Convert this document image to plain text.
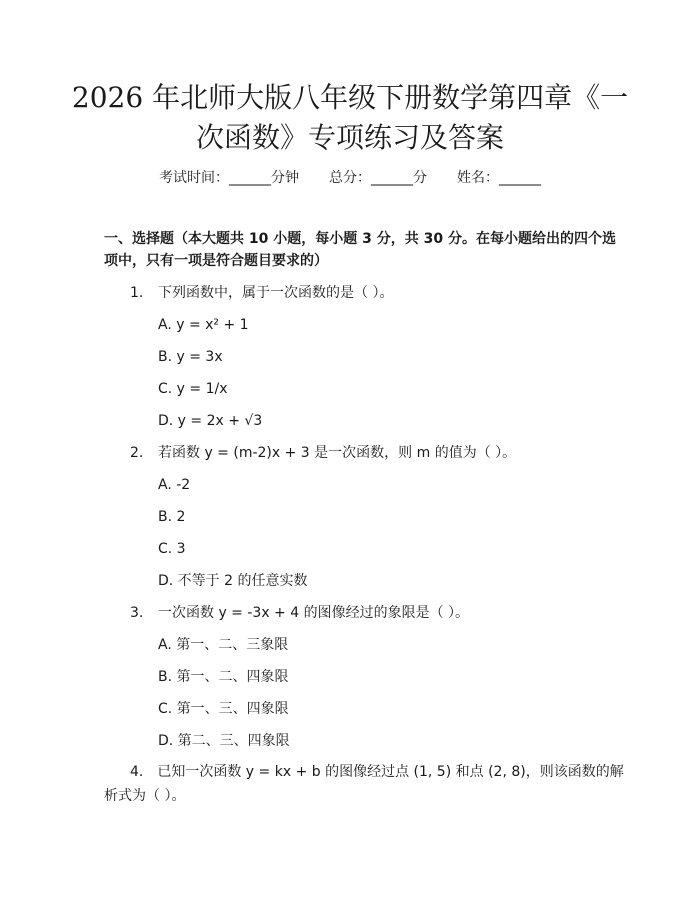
2026 年北师大版八年级下册数学第四章《一
次函数》专项练习及答案
考试时间：______分钟 总分：______分 姓名：______
一、选择题（本大题共 10 小题，每小题 3 分，共 30 分。在每小题给出的四个选项中，只有一项是符合题目要求的）
1. 下列函数中，属于一次函数的是（ ）。
A. y = x² + 1
B. y = 3x
C. y = 1/x
D. y = 2x + √3
2. 若函数 y = (m-2)x + 3 是一次函数，则 m 的值为（ ）。
A. -2
B. 2
C. 3
D. 不等于 2 的任意实数
3. 一次函数 y = -3x + 4 的图像经过的象限是（ ）。
A. 第一、二、三象限
B. 第一、二、四象限
C. 第一、三、四象限
D. 第二、三、四象限
4. 已知一次函数 y = kx + b 的图像经过点 (1, 5) 和点 (2, 8)，则该函数的解析式为（ ）。
